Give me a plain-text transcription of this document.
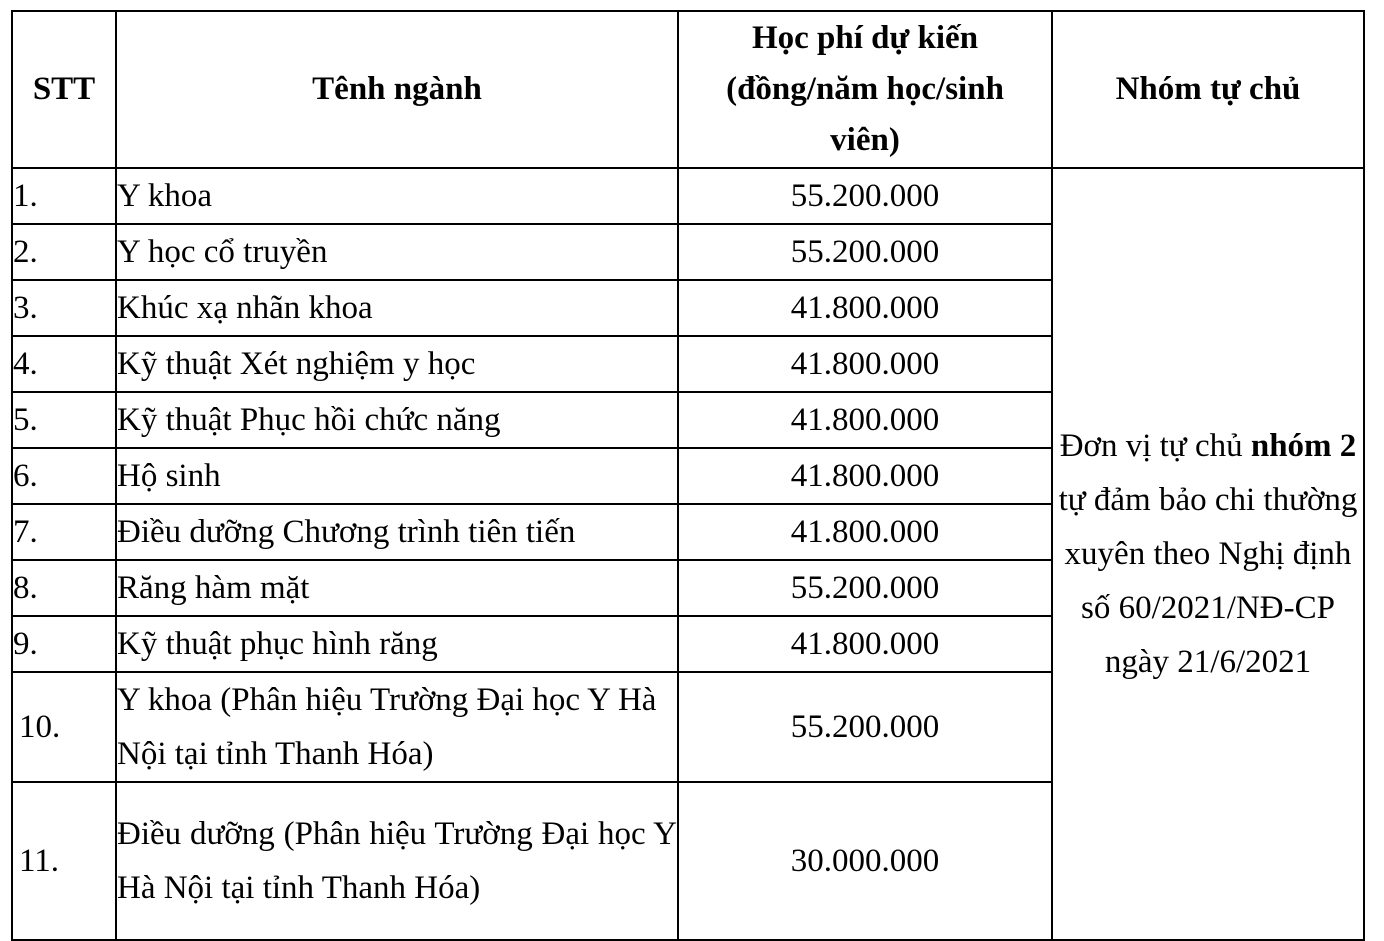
STT	Tênh ngành	Học phí dự kiến
(đồng/năm học/sinh
viên)	Nhóm tự chủ
1.	Y khoa	55.200.000	Đơn vị tự chủ nhóm 2 tự đảm bảo chi thường xuyên theo Nghị định số 60/2021/NĐ-CP ngày 21/6/2021

2.	Y học cổ truyền	55.200.000	
3.	Khúc xạ nhãn khoa	41.800.000	
4.	Kỹ thuật Xét nghiệm y học	41.800.000	
5.	Kỹ thuật Phục hồi chức năng	41.800.000	
6.	Hộ sinh	41.800.000	
7.	Điều dưỡng Chương trình tiên tiến	41.800.000	
8.	Răng hàm mặt	55.200.000	
9.	Kỹ thuật phục hình răng	41.800.000	
10.	Y khoa (Phân hiệu Trường Đại học Y Hà Nội tại tỉnh Thanh Hóa)	55.200.000	
11.	Điều dưỡng (Phân hiệu Trường Đại học Y Hà Nội tại tỉnh Thanh Hóa)	30.000.000	
